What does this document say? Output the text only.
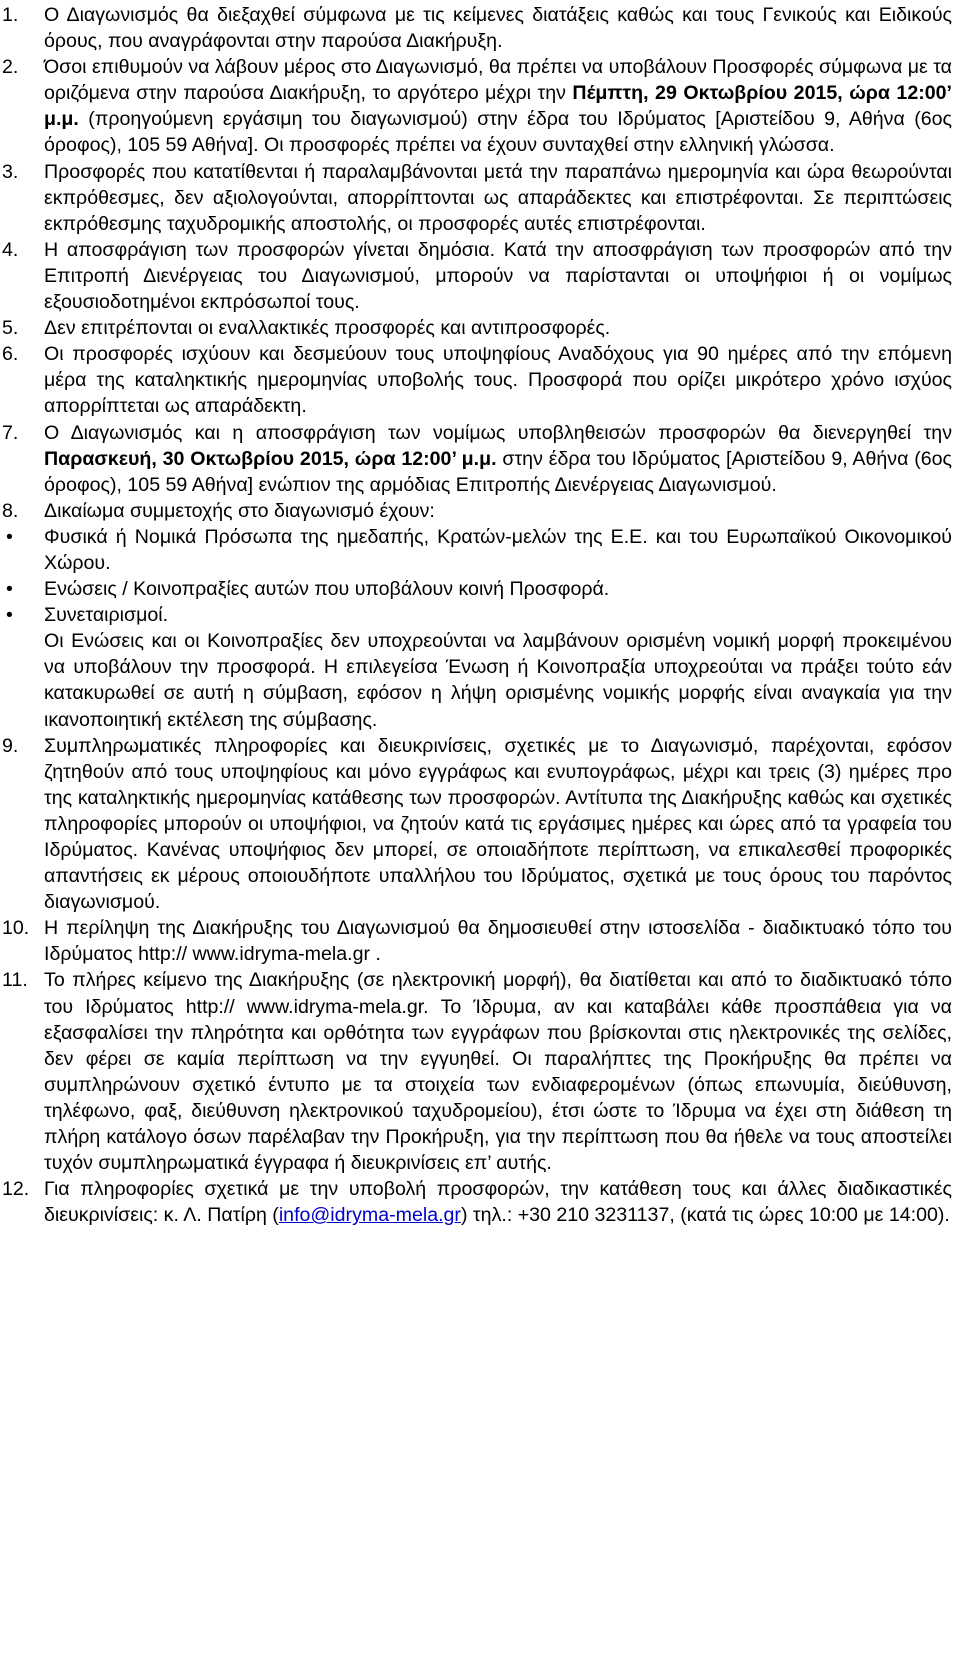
1.	Ο Διαγωνισμός θα διεξαχθεί σύμφωνα με τις κείμενες διατάξεις καθώς και τους Γενικούς και Ειδικούς όρους, που αναγράφονται στην παρούσα Διακήρυξη.
2.	Όσοι επιθυμούν να λάβουν μέρος στο Διαγωνισμό, θα πρέπει να υποβάλουν Προσφορές σύμφωνα με τα οριζόμενα στην παρούσα Διακήρυξη, το αργότερο μέχρι την Πέμπτη, 29 Οκτωβρίου 2015, ώρα 12:00’ μ.μ. (προηγούμενη εργάσιμη του διαγωνισμού) στην έδρα του Ιδρύματος [Αριστείδου 9, Αθήνα (6ος όροφος), 105 59 Αθήνα]. Οι προσφορές πρέπει να έχουν συνταχθεί στην ελληνική γλώσσα.
3.	Προσφορές που κατατίθενται ή παραλαμβάνονται μετά την παραπάνω ημερομηνία και ώρα θεωρούνται εκπρόθεσμες, δεν αξιολογούνται, απορρίπτονται ως απαράδεκτες και επιστρέφονται. Σε περιπτώσεις εκπρόθεσμης ταχυδρομικής αποστολής, οι προσφορές αυτές επιστρέφονται.
4.	Η αποσφράγιση των προσφορών γίνεται δημόσια. Κατά την αποσφράγιση των προσφορών από την Επιτροπή Διενέργειας του Διαγωνισμού, μπορούν να παρίστανται οι υποψήφιοι ή οι νομίμως εξουσιοδοτημένοι εκπρόσωποί τους.
5.	Δεν επιτρέπονται οι εναλλακτικές προσφορές και αντιπροσφορές.
6.	Οι προσφορές ισχύουν και δεσμεύουν τους υποψηφίους Αναδόχους για 90 ημέρες από την επόμενη μέρα της καταληκτικής ημερομηνίας υποβολής τους. Προσφορά που ορίζει μικρότερο χρόνο ισχύος απορρίπτεται ως απαράδεκτη.
7.	Ο Διαγωνισμός και η αποσφράγιση των νομίμως υποβληθεισών προσφορών θα διενεργηθεί την Παρασκευή, 30 Οκτωβρίου 2015, ώρα 12:00’ μ.μ. στην έδρα του Ιδρύματος [Αριστείδου 9, Αθήνα (6ος όροφος), 105 59 Αθήνα] ενώπιον της αρμόδιας Επιτροπής Διενέργειας Διαγωνισμού.
8.	Δικαίωμα συμμετοχής στο διαγωνισμό έχουν:
•	Φυσικά ή Νομικά Πρόσωπα της ημεδαπής, Κρατών-μελών της Ε.Ε. και του Ευρωπαϊκού Οικονομικού Χώρου.
•	Ενώσεις / Κοινοπραξίες αυτών που υποβάλουν κοινή Προσφορά.
•	Συνεταιρισμοί.
Οι Ενώσεις και οι Κοινοπραξίες δεν υποχρεούνται να λαμβάνουν ορισμένη νομική μορφή προκειμένου να υποβάλουν την προσφορά. Η επιλεγείσα Ένωση ή Κοινοπραξία υποχρεούται να πράξει τούτο εάν κατακυρωθεί σε αυτή η σύμβαση, εφόσον η λήψη ορισμένης νομικής μορφής είναι αναγκαία για την ικανοποιητική εκτέλεση της σύμβασης.
9.	Συμπληρωματικές πληροφορίες και διευκρινίσεις, σχετικές με το Διαγωνισμό, παρέχονται, εφόσον ζητηθούν από τους υποψηφίους και μόνο εγγράφως και ενυπογράφως, μέχρι και τρεις (3) ημέρες προ της καταληκτικής ημερομηνίας κατάθεσης των προσφορών. Αντίτυπα της Διακήρυξης καθώς και σχετικές πληροφορίες μπορούν οι υποψήφιοι, να ζητούν κατά τις εργάσιμες ημέρες και ώρες από τα γραφεία του Ιδρύματος. Κανένας υποψήφιος δεν μπορεί, σε οποιαδήποτε περίπτωση, να επικαλεσθεί προφορικές απαντήσεις εκ μέρους οποιουδήποτε υπαλλήλου του Ιδρύματος, σχετικά με τους όρους του παρόντος διαγωνισμού.
10. Η περίληψη της Διακήρυξης του Διαγωνισμού θα δημοσιευθεί στην ιστοσελίδα - διαδικτυακό τόπο του Ιδρύματος http:// www.idryma-mela.gr .
11. Το πλήρες κείμενο της Διακήρυξης (σε ηλεκτρονική μορφή), θα διατίθεται και από το διαδικτυακό τόπο του Ιδρύματος http:// www.idryma-mela.gr. Το Ίδρυμα, αν και καταβάλει κάθε προσπάθεια για να εξασφαλίσει την πληρότητα και ορθότητα των εγγράφων που βρίσκονται στις ηλεκτρονικές της σελίδες, δεν φέρει σε καμία περίπτωση να την εγγυηθεί. Οι παραλήπτες της Προκήρυξης θα πρέπει να συμπληρώνουν σχετικό έντυπο με τα στοιχεία των ενδιαφερομένων (όπως επωνυμία, διεύθυνση, τηλέφωνο, φαξ, διεύθυνση ηλεκτρονικού ταχυδρομείου), έτσι ώστε το Ίδρυμα να έχει στη διάθεση τη πλήρη κατάλογο όσων παρέλαβαν την Προκήρυξη, για την περίπτωση που θα ήθελε να τους αποστείλει τυχόν συμπληρωματικά έγγραφα ή διευκρινίσεις επ’ αυτής.
12. Για πληροφορίες σχετικά με την υποβολή προσφορών, την κατάθεση τους και άλλες διαδικαστικές διευκρινίσεις: κ. Λ. Πατίρη (info@idryma-mela.gr) τηλ.: +30 210 3231137, (κατά τις ώρες 10:00 με 14:00).
